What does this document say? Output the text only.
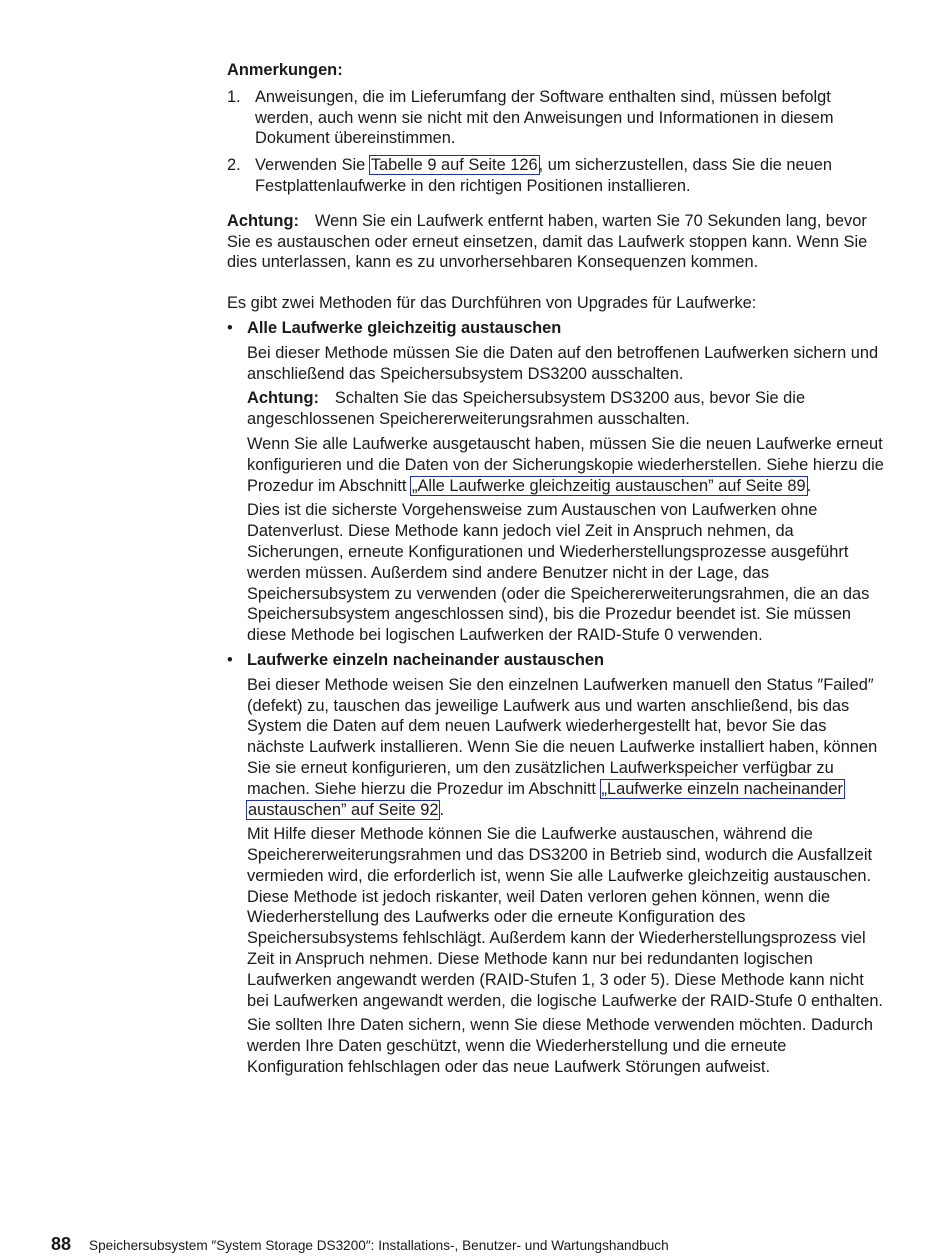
Anmerkungen:
1. Anweisungen, die im Lieferumfang der Software enthalten sind, müssen befolgt werden, auch wenn sie nicht mit den Anweisungen und Informationen in diesem Dokument übereinstimmen.
2. Verwenden Sie Tabelle 9 auf Seite 126, um sicherzustellen, dass Sie die neuen Festplattenlaufwerke in den richtigen Positionen installieren.

Achtung: Wenn Sie ein Laufwerk entfernt haben, warten Sie 70 Sekunden lang, bevor Sie es austauschen oder erneut einsetzen, damit das Laufwerk stoppen kann. Wenn Sie dies unterlassen, kann es zu unvorhersehbaren Konsequenzen kommen.

Es gibt zwei Methoden für das Durchführen von Upgrades für Laufwerke:

• Alle Laufwerke gleichzeitig austauschen
Bei dieser Methode müssen Sie die Daten auf den betroffenen Laufwerken sichern und anschließend das Speichersubsystem DS3200 ausschalten.
Achtung: Schalten Sie das Speichersubsystem DS3200 aus, bevor Sie die angeschlossenen Speichererweiterungsrahmen ausschalten.
Wenn Sie alle Laufwerke ausgetauscht haben, müssen Sie die neuen Laufwerke erneut konfigurieren und die Daten von der Sicherungskopie wiederherstellen. Siehe hierzu die Prozedur im Abschnitt „Alle Laufwerke gleichzeitig austauschen” auf Seite 89.
Dies ist die sicherste Vorgehensweise zum Austauschen von Laufwerken ohne Datenverlust. Diese Methode kann jedoch viel Zeit in Anspruch nehmen, da Sicherungen, erneute Konfigurationen und Wiederherstellungsprozesse ausgeführt werden müssen. Außerdem sind andere Benutzer nicht in der Lage, das Speichersubsystem zu verwenden (oder die Speichererweiterungsrahmen, die an das Speichersubsystem angeschlossen sind), bis die Prozedur beendet ist. Sie müssen diese Methode bei logischen Laufwerken der RAID-Stufe 0 verwenden.
• Laufwerke einzeln nacheinander austauschen
Bei dieser Methode weisen Sie den einzelnen Laufwerken manuell den Status ″Failed″ (defekt) zu, tauschen das jeweilige Laufwerk aus und warten anschließend, bis das System die Daten auf dem neuen Laufwerk wiederhergestellt hat, bevor Sie das nächste Laufwerk installieren. Wenn Sie die neuen Laufwerke installiert haben, können Sie sie erneut konfigurieren, um den zusätzlichen Laufwerkspeicher verfügbar zu machen. Siehe hierzu die Prozedur im Abschnitt „Laufwerke einzeln nacheinander austauschen” auf Seite 92.
Mit Hilfe dieser Methode können Sie die Laufwerke austauschen, während die Speichererweiterungsrahmen und das DS3200 in Betrieb sind, wodurch die Ausfallzeit vermieden wird, die erforderlich ist, wenn Sie alle Laufwerke gleichzeitig austauschen. Diese Methode ist jedoch riskanter, weil Daten verloren gehen können, wenn die Wiederherstellung des Laufwerks oder die erneute Konfiguration des Speichersubsystems fehlschlägt. Außerdem kann der Wiederherstellungsprozess viel Zeit in Anspruch nehmen. Diese Methode kann nur bei redundanten logischen Laufwerken angewandt werden (RAID-Stufen 1, 3 oder 5). Diese Methode kann nicht bei Laufwerken angewandt werden, die logische Laufwerke der RAID-Stufe 0 enthalten.
Sie sollten Ihre Daten sichern, wenn Sie diese Methode verwenden möchten. Dadurch werden Ihre Daten geschützt, wenn die Wiederherstellung und die erneute Konfiguration fehlschlagen oder das neue Laufwerk Störungen aufweist.
88 Speichersubsystem ″System Storage DS3200″: Installations-, Benutzer- und Wartungshandbuch
